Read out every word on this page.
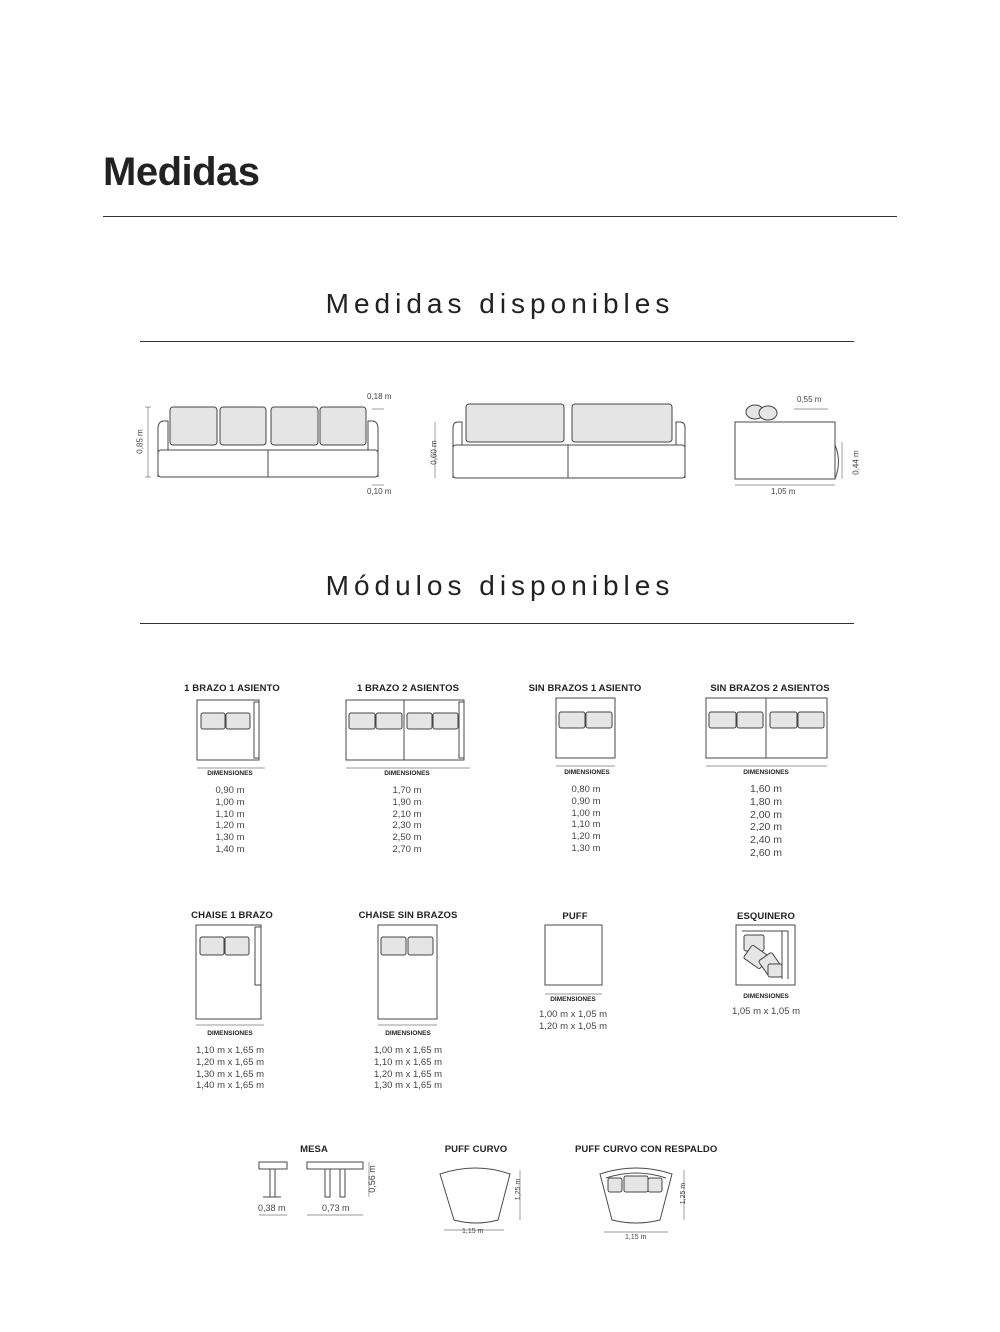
Medidas
Medidas disponibles
0,85 m
0,18 m
0,10 m
0,60 m
0,55 m
0,44 m
1,05 m
Módulos disponibles
1 BRAZO 1 ASIENTO
DIMENSIONES
0,90 m
1,00 m
1,10 m
1,20 m
1,30 m
1,40 m
1 BRAZO 2 ASIENTOS
DIMENSIONES
1,70 m
1,90 m
2,10 m
2,30 m
2,50 m
2,70 m
SIN BRAZOS 1 ASIENTO
DIMENSIONES
0,80 m
0,90 m
1,00 m
1,10 m
1,20 m
1,30 m
SIN BRAZOS 2 ASIENTOS
DIMENSIONES
1,60 m
1,80 m
2,00 m
2,20 m
2,40 m
2,60 m
CHAISE 1 BRAZO
DIMENSIONES
1,10 m x 1,65 m
1,20 m x 1,65 m
1,30 m x 1,65 m
1,40 m x 1,65 m
CHAISE SIN BRAZOS
DIMENSIONES
1,00 m x 1,65 m
1,10 m x 1,65 m
1,20 m x 1,65 m
1,30 m x 1,65 m
PUFF
DIMENSIONES
1,00 m x 1,05 m
1,20 m x 1,05 m
ESQUINERO
DIMENSIONES
1,05 m x 1,05 m
MESA
0,56 m
0,38 m	0,73 m
PUFF CURVO
1,15 m
1,25 m
PUFF CURVO CON RESPALDO
1,15 m
1,25 m
